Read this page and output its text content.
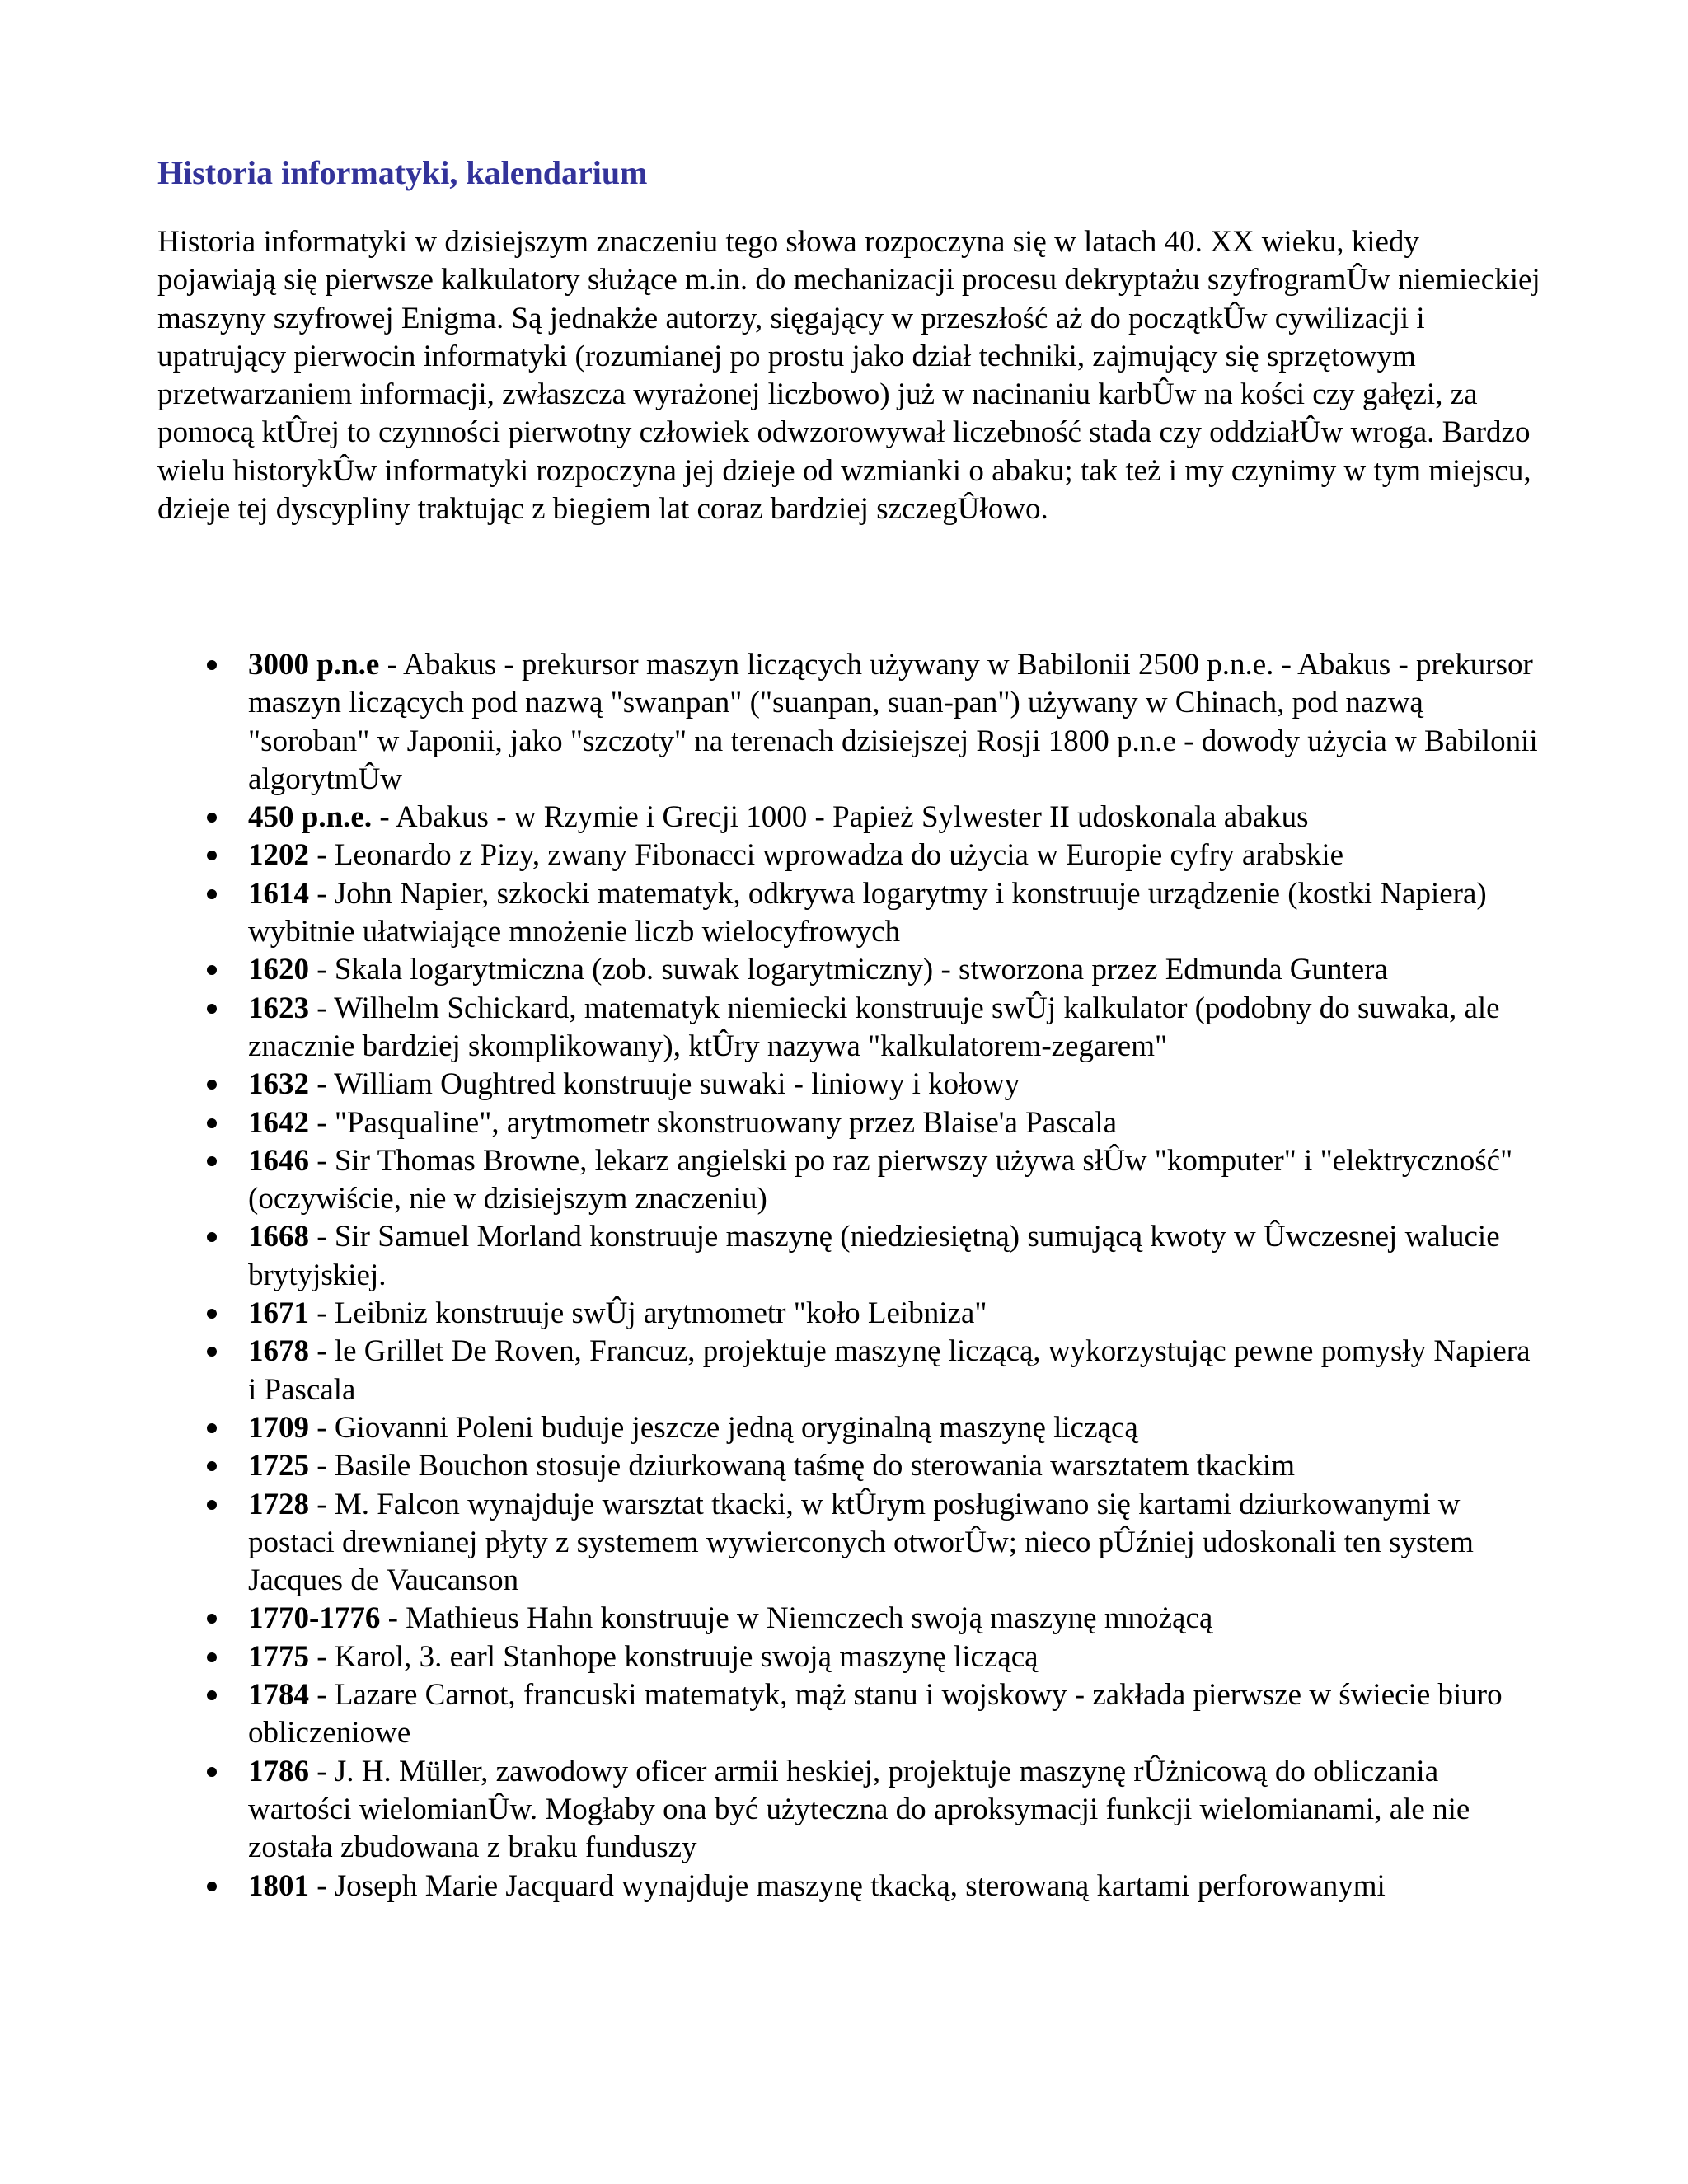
Historia informatyki, kalendarium

Historia informatyki w dzisiejszym znaczeniu tego słowa rozpoczyna się w latach 40. XX wieku, kiedy pojawiają się pierwsze kalkulatory służące m.in. do mechanizacji procesu dekryptażu szyfrogramÛw niemieckiej maszyny szyfrowej Enigma. Są jednakże autorzy, sięgający w przeszłość aż do początkÛw cywilizacji i upatrujący pierwocin informatyki (rozumianej po prostu jako dział techniki, zajmujący się sprzętowym przetwarzaniem informacji, zwłaszcza wyrażonej liczbowo) już w nacinaniu karbÛw na kości czy gałęzi, za pomocą ktÛrej to czynności pierwotny człowiek odwzorowywał liczebność stada czy oddziałÛw wroga. Bardzo wielu historykÛw informatyki rozpoczyna jej dzieje od wzmianki o abaku; tak też i my czynimy w tym miejscu, dzieje tej dyscypliny traktując z biegiem lat coraz bardziej szczegÛłowo.

3000 p.n.e - Abakus - prekursor maszyn liczących używany w Babilonii 2500 p.n.e. - Abakus - prekursor maszyn liczących pod nazwą "swanpan" ("suanpan, suan-pan") używany w Chinach, pod nazwą "soroban" w Japonii, jako "szczoty" na terenach dzisiejszej Rosji 1800 p.n.e - dowody użycia w Babilonii algorytmÛw
450 p.n.e. - Abakus - w Rzymie i Grecji 1000 - Papież Sylwester II udoskonala abakus
1202 - Leonardo z Pizy, zwany Fibonacci wprowadza do użycia w Europie cyfry arabskie
1614 - John Napier, szkocki matematyk, odkrywa logarytmy i konstruuje urządzenie (kostki Napiera) wybitnie ułatwiające mnożenie liczb wielocyfrowych
1620 - Skala logarytmiczna (zob. suwak logarytmiczny) - stworzona przez Edmunda Guntera
1623 - Wilhelm Schickard, matematyk niemiecki konstruuje swÛj kalkulator (podobny do suwaka, ale znacznie bardziej skomplikowany), ktÛry nazywa "kalkulatorem-zegarem"
1632 - William Oughtred konstruuje suwaki - liniowy i kołowy
1642 - "Pasqualine", arytmometr skonstruowany przez Blaise'a Pascala
1646 - Sir Thomas Browne, lekarz angielski po raz pierwszy używa słÛw "komputer" i "elektryczność" (oczywiście, nie w dzisiejszym znaczeniu)
1668 - Sir Samuel Morland konstruuje maszynę (niedziesiętną) sumującą kwoty w Ûwczesnej walucie brytyjskiej.
1671 - Leibniz konstruuje swÛj arytmometr "koło Leibniza"
1678 - le Grillet De Roven, Francuz, projektuje maszynę liczącą, wykorzystując pewne pomysły Napiera i Pascala
1709 - Giovanni Poleni buduje jeszcze jedną oryginalną maszynę liczącą
1725 - Basile Bouchon stosuje dziurkowaną taśmę do sterowania warsztatem tkackim
1728 - M. Falcon wynajduje warsztat tkacki, w ktÛrym posługiwano się kartami dziurkowanymi w postaci drewnianej płyty z systemem wywierconych otworÛw; nieco pÛźniej udoskonali ten system Jacques de Vaucanson
1770-1776 - Mathieus Hahn konstruuje w Niemczech swoją maszynę mnożącą
1775 - Karol, 3. earl Stanhope konstruuje swoją maszynę liczącą
1784 - Lazare Carnot, francuski matematyk, mąż stanu i wojskowy - zakłada pierwsze w świecie biuro obliczeniowe
1786 - J. H. Müller, zawodowy oficer armii heskiej, projektuje maszynę rÛżnicową do obliczania wartości wielomianÛw. Mogłaby ona być użyteczna do aproksymacji funkcji wielomianami, ale nie została zbudowana z braku funduszy
1801 - Joseph Marie Jacquard wynajduje maszynę tkacką, sterowaną kartami perforowanymi
